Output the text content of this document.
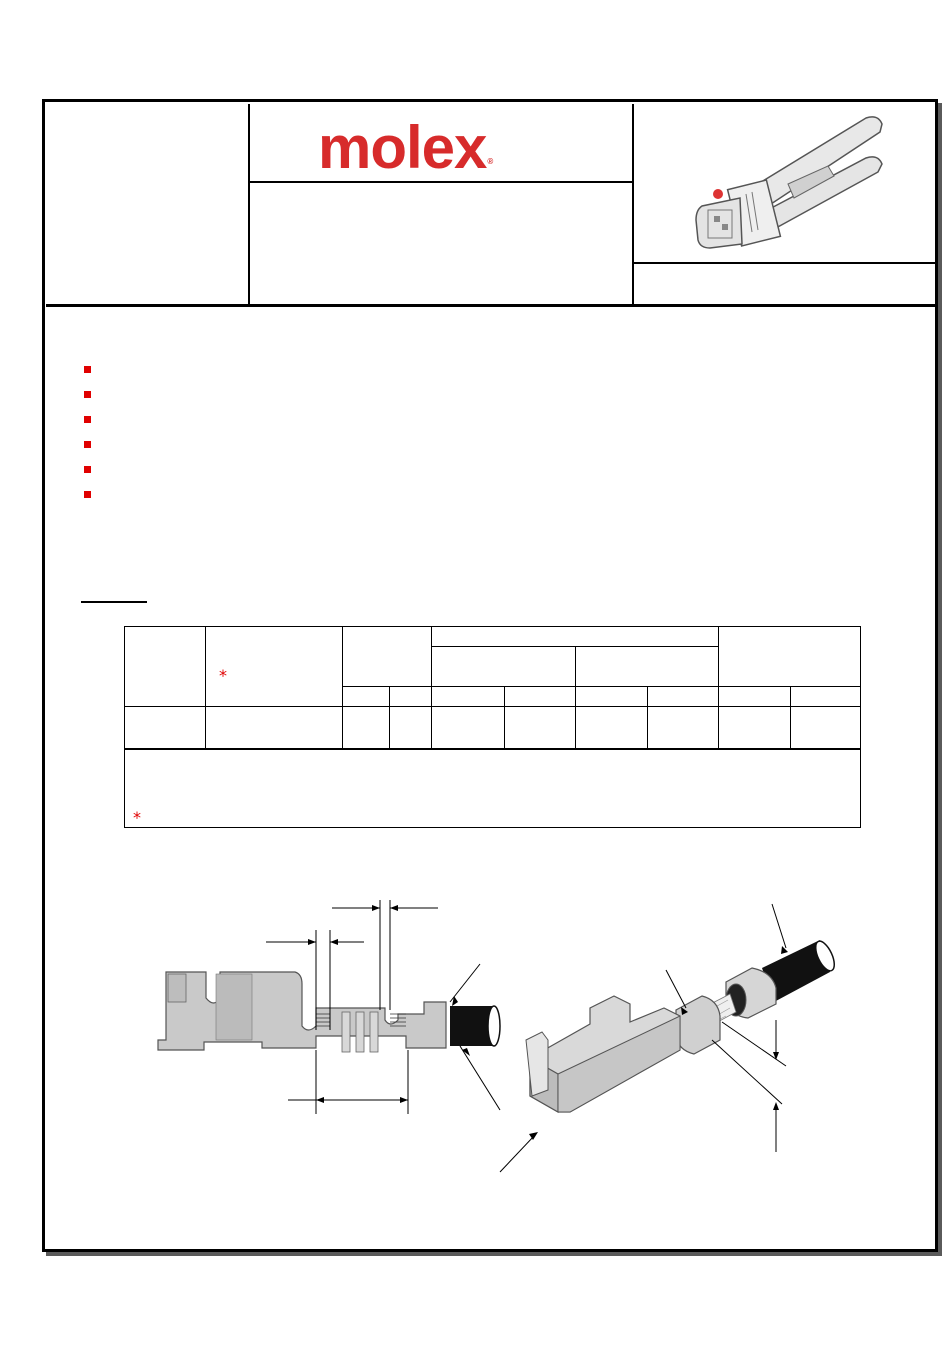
molex®
*
*
